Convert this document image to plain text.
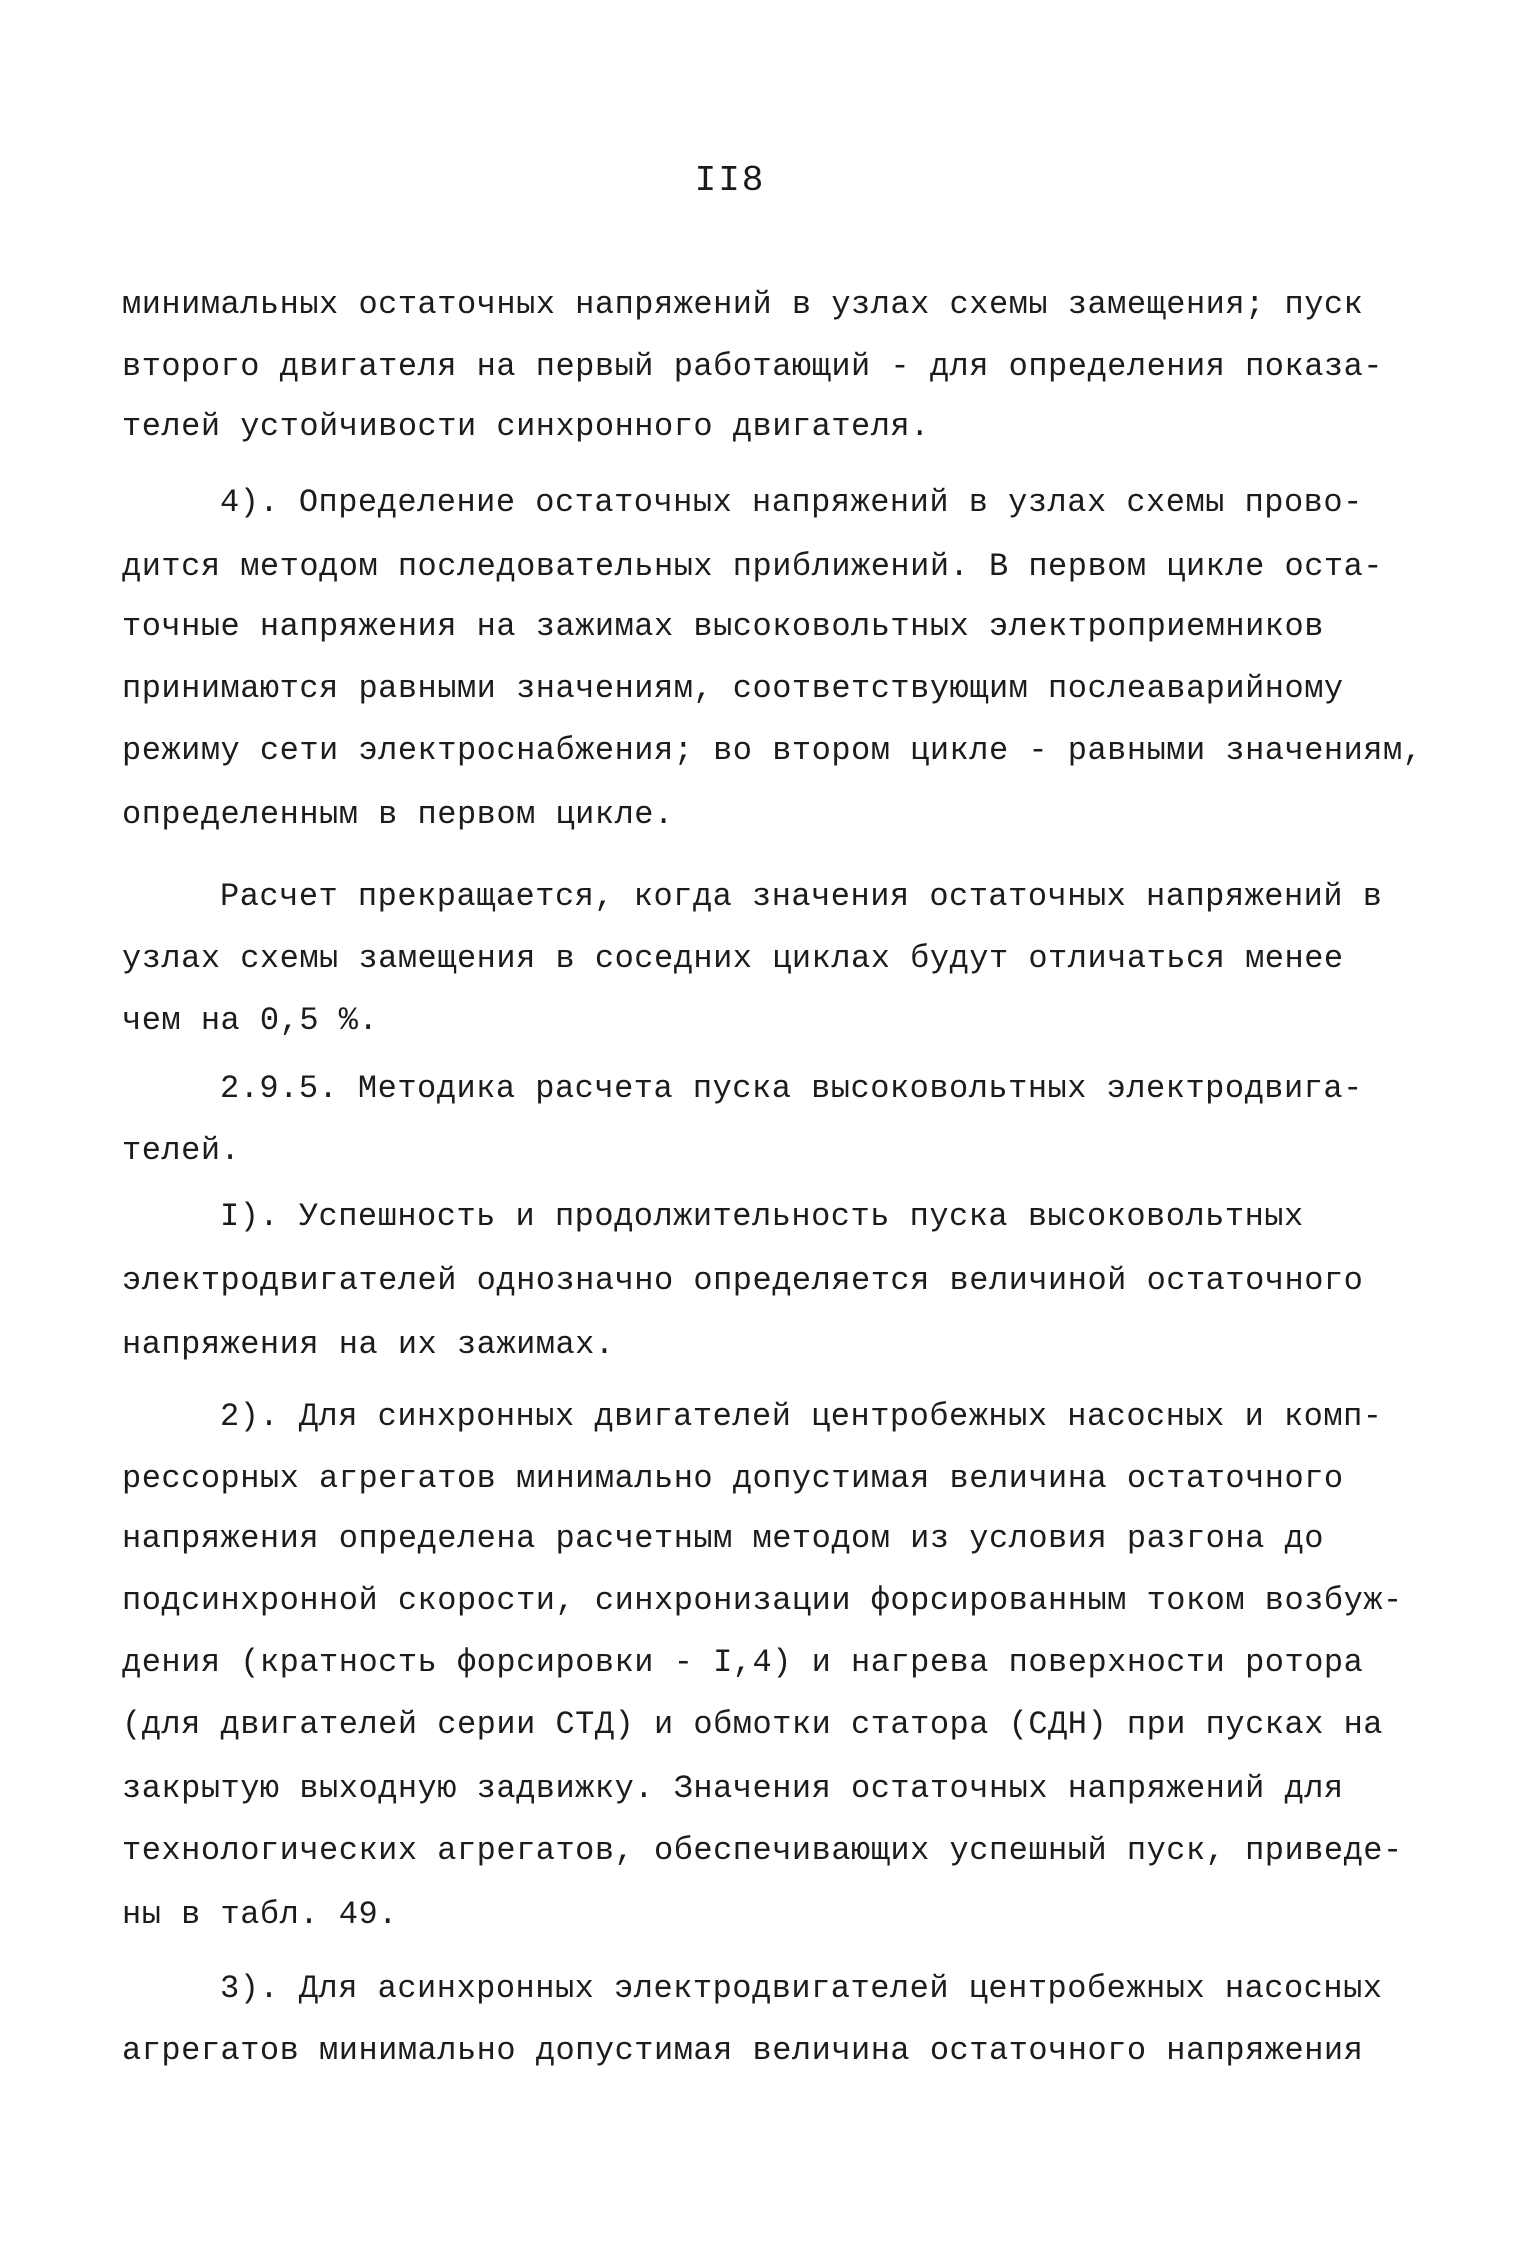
II8
минимальных остаточных напряжений в узлах схемы замещения; пуск
второго двигателя на первый работающий - для определения показа-
телей устойчивости синхронного двигателя.
4). Определение остаточных напряжений в узлах схемы прово-
дится методом последовательных приближений. В первом цикле оста-
точные напряжения на зажимах высоковольтных электроприемников
принимаются равными значениям, соответствующим послеаварийному
режиму сети электроснабжения; во втором цикле - равными значениям,
определенным в первом цикле.
Расчет прекращается, когда значения остаточных напряжений в
узлах схемы замещения в соседних циклах будут отличаться менее
чем на 0,5 %.
2.9.5. Методика расчета пуска высоковольтных электродвига-
телей.
I). Успешность и продолжительность пуска высоковольтных
электродвигателей однозначно определяется величиной остаточного
напряжения на их зажимах.
2). Для синхронных двигателей центробежных насосных и комп-
рессорных агрегатов минимально допустимая величина остаточного
напряжения определена расчетным методом из условия разгона до
подсинхронной скорости, синхронизации форсированным током возбуж-
дения (кратность форсировки - I,4) и нагрева поверхности ротора
(для двигателей серии СТД) и обмотки статора (СДН) при пусках на
закрытую выходную задвижку. Значения остаточных напряжений для
технологических агрегатов, обеспечивающих успешный пуск, приведе-
ны в табл. 49.
3). Для асинхронных электродвигателей центробежных насосных
агрегатов минимально допустимая величина остаточного напряжения
